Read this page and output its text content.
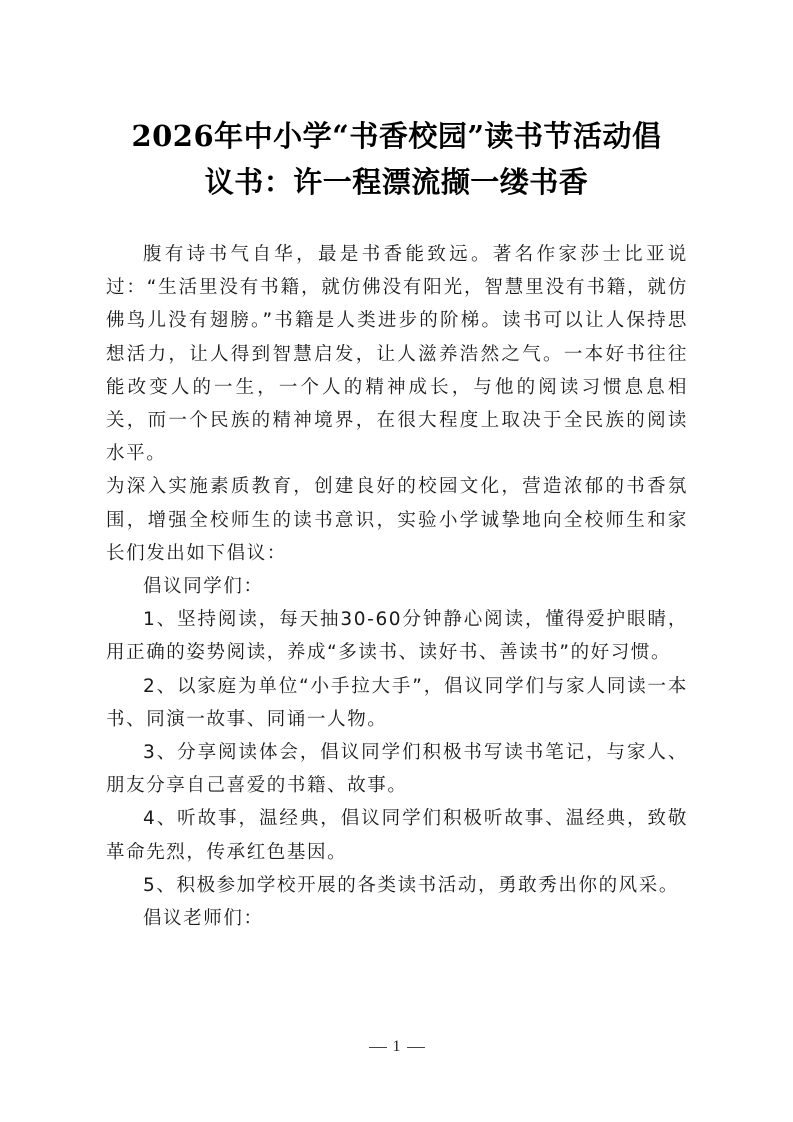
2026年中小学“书香校园”读书节活动倡
议书：许一程漂流撷一缕书香

腹有诗书气自华，最是书香能致远。著名作家莎士比亚说过：“生活里没有书籍，就仿佛没有阳光，智慧里没有书籍，就仿佛鸟儿没有翅膀。”书籍是人类进步的阶梯。读书可以让人保持思想活力，让人得到智慧启发，让人滋养浩然之气。一本好书往往能改变人的一生，一个人的精神成长，与他的阅读习惯息息相关，而一个民族的精神境界，在很大程度上取决于全民族的阅读水平。

为深入实施素质教育，创建良好的校园文化，营造浓郁的书香氛围，增强全校师生的读书意识，实验小学诚挚地向全校师生和家长们发出如下倡议：

倡议同学们：

1、坚持阅读，每天抽30-60分钟静心阅读，懂得爱护眼睛，用正确的姿势阅读，养成“多读书、读好书、善读书”的好习惯。

2、以家庭为单位“小手拉大手”，倡议同学们与家人同读一本书、同演一故事、同诵一人物。

3、分享阅读体会，倡议同学们积极书写读书笔记，与家人、朋友分享自己喜爱的书籍、故事。

4、听故事，温经典，倡议同学们积极听故事、温经典，致敬革命先烈，传承红色基因。

5、积极参加学校开展的各类读书活动，勇敢秀出你的风采。

倡议老师们：

1
